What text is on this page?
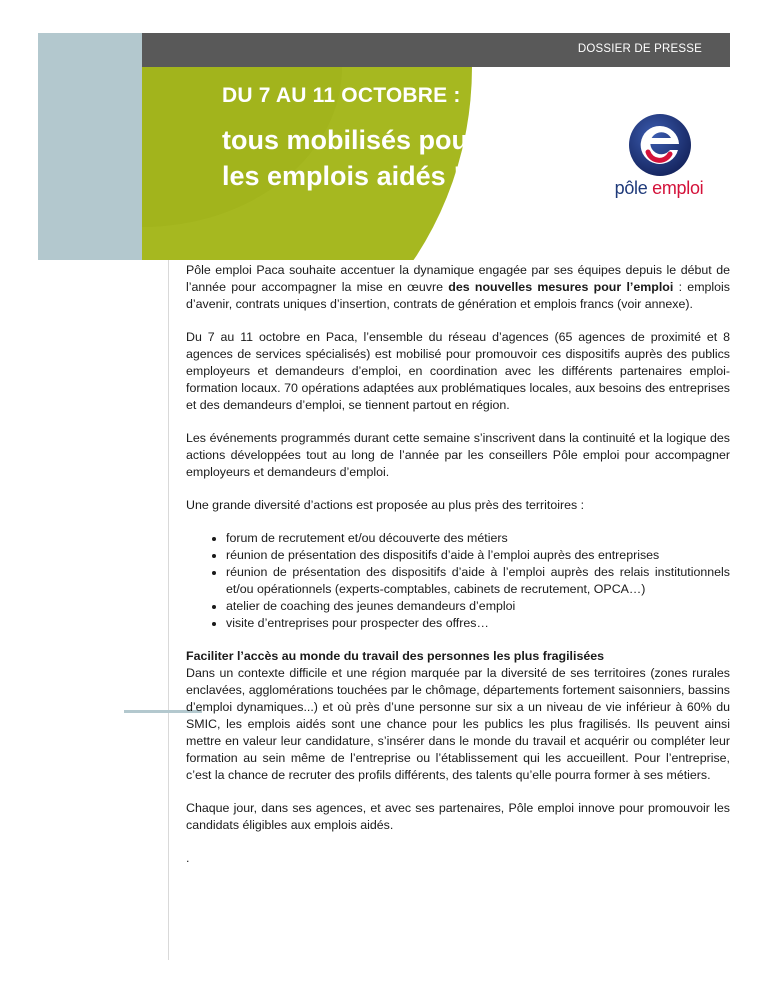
DOSSIER DE PRESSE
DU 7 AU 11 OCTOBRE :
tous mobilisés pour
les emplois aidés !	pôle emploi

Pôle emploi Paca souhaite accentuer la dynamique engagée par ses équipes depuis le début de l’année pour accompagner la mise en œuvre des nouvelles mesures pour l’emploi : emplois d’avenir, contrats uniques d’insertion, contrats de génération et emplois francs (voir annexe).

Du 7 au 11 octobre en Paca, l’ensemble du réseau d’agences (65 agences de proximité et 8 agences de services spécialisés) est mobilisé pour promouvoir ces dispositifs auprès des publics employeurs et demandeurs d’emploi, en coordination avec les différents partenaires emploi-formation locaux. 70 opérations adaptées aux problématiques locales, aux besoins des entreprises et des demandeurs d’emploi, se tiennent partout en région.

Les événements programmés durant cette semaine s’inscrivent dans la continuité et la logique des actions développées tout au long de l’année par les conseillers Pôle emploi pour accompagner employeurs et demandeurs d’emploi.

Une grande diversité d’actions est proposée au plus près des territoires :

• forum de recrutement et/ou découverte des métiers
• réunion de présentation des dispositifs d’aide à l’emploi auprès des entreprises
• réunion de présentation des dispositifs d’aide à l’emploi auprès des relais institutionnels et/ou opérationnels (experts-comptables, cabinets de recrutement, OPCA…)
• atelier de coaching des jeunes demandeurs d’emploi
• visite d’entreprises pour prospecter des offres…

Faciliter l’accès au monde du travail des personnes les plus fragilisées
Dans un contexte difficile et une région marquée par la diversité de ses territoires (zones rurales enclavées, agglomérations touchées par le chômage, départements fortement saisonniers, bassins d’emploi dynamiques...) et où près d’une personne sur six a un niveau de vie inférieur à 60% du SMIC, les emplois aidés sont une chance pour les publics les plus fragilisés. Ils peuvent ainsi mettre en valeur leur candidature, s’insérer dans le monde du travail et acquérir ou compléter leur formation au sein même de l’entreprise ou l’établissement qui les accueillent. Pour l’entreprise, c’est la chance de recruter des profils différents, des talents qu’elle pourra former à ses métiers.

Chaque jour, dans ses agences, et avec ses partenaires, Pôle emploi innove pour promouvoir les candidats éligibles aux emplois aidés.

.
